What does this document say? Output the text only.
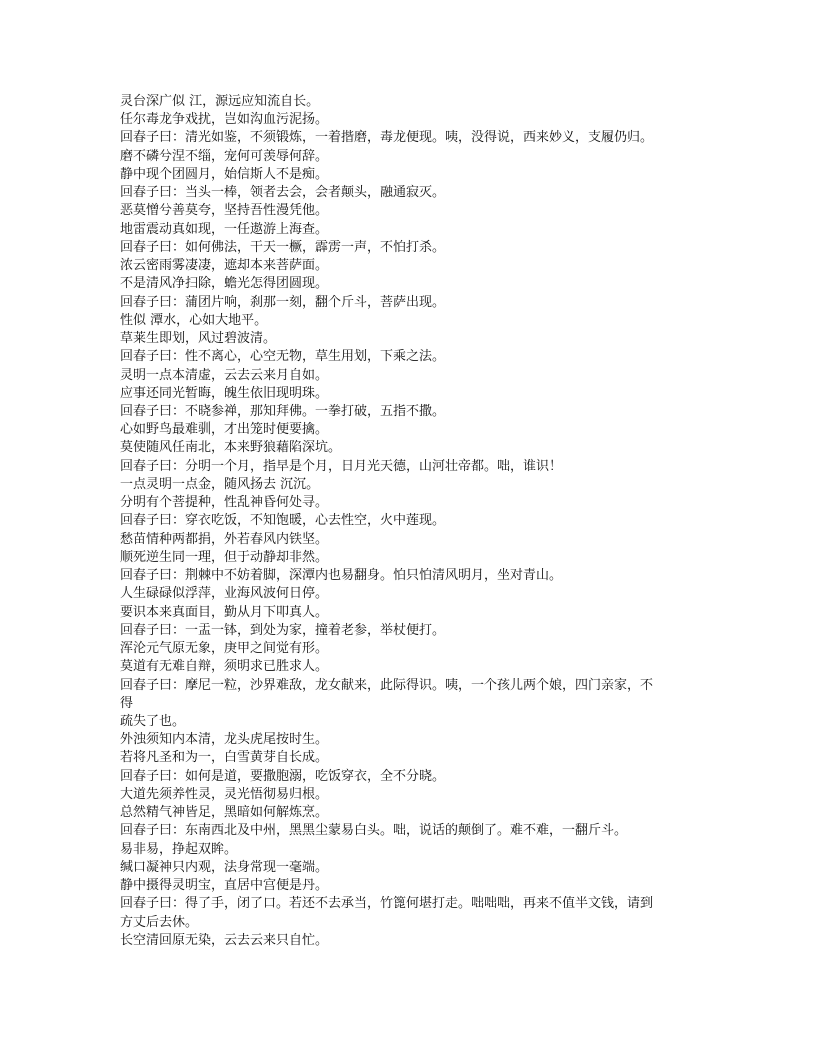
灵台深广似 江，源远应知流自长。
任尔毒龙争戏扰，岂如沟血污泥扬。
回春子曰：清光如鉴，不须锻炼，一着揩磨，毒龙便现。咦，没得说，西来妙义，支履仍归。
磨不磷兮涅不缁，宠何可羡辱何辞。
静中现个团圆月，始信斯人不是痴。
回春子曰：当头一棒，领者去会，会者颠头，融通寂灭。
恶莫憎兮善莫夸，坚持吾性漫凭他。
地雷震动真如现，一任遨游上海查。
回春子曰：如何佛法，干天一橛，霹雳一声，不怕打杀。
浓云密雨雾凄凄，遮却本来菩萨面。
不是清风净扫除，蟾光怎得团圆现。
回春子曰：蒲团片响，刹那一刻，翻个斤斗，菩萨出现。
性似 潭水，心如大地平。
草莱生即划，风过碧波清。
回春子曰：性不离心，心空无物，草生用划，下乘之法。
灵明一点本清虚，云去云来月自如。
应事还同光暂晦，魄生依旧现明珠。
回春子曰：不晓参禅，那知拜佛。一拳打破，五指不撒。
心如野鸟最难驯，才出笼时便要擒。
莫使随风任南北，本来野狼藉陷深坑。
回春子曰：分明一个月，指早是个月，日月光天德，山河壮帝都。咄，谁识！
一点灵明一点金，随风扬去 沉沉。
分明有个菩提种，性乱神昏何处寻。
回春子曰：穿衣吃饭，不知饱暖，心去性空，火中莲现。
愁苗情种两都捐，外若春风内铁坚。
顺死逆生同一理，但于动静却非然。
回春子曰：荆棘中不妨着脚，深潭内也易翻身。怕只怕清风明月，坐对青山。
人生碌碌似浮萍，业海风波何日停。
要识本来真面目，勤从月下叩真人。
回春子曰：一盂一钵，到处为家，撞着老参，举杖便打。
浑沦元气原无象，庚甲之间觉有形。
莫道有无难自辩，须明求已胜求人。
回春子曰：摩尼一粒，沙界难敌，龙女献来，此际得识。咦，一个孩儿两个娘，四门亲家，不
得
疏失了也。
外浊须知内本清，龙头虎尾按时生。
若将凡圣和为一，白雪黄芽自长成。
回春子曰：如何是道，要撒胞溺，吃饭穿衣，全不分晓。
大道先须养性灵，灵光悟彻易归根。
总然精气神皆足，黑暗如何解炼烹。
回春子曰：东南西北及中州，黑黑尘蒙易白头。咄，说话的颠倒了。难不难，一翻斤斗。
易非易，挣起双眸。
缄口凝神只内观，法身常现一毫端。
静中摄得灵明宝，直居中宫便是丹。
回春子曰：得了手，闭了口。若还不去承当，竹篦何堪打走。咄咄咄，再来不值半文钱，请到
方丈后去休。
长空清回原无染，云去云来只自忙。
